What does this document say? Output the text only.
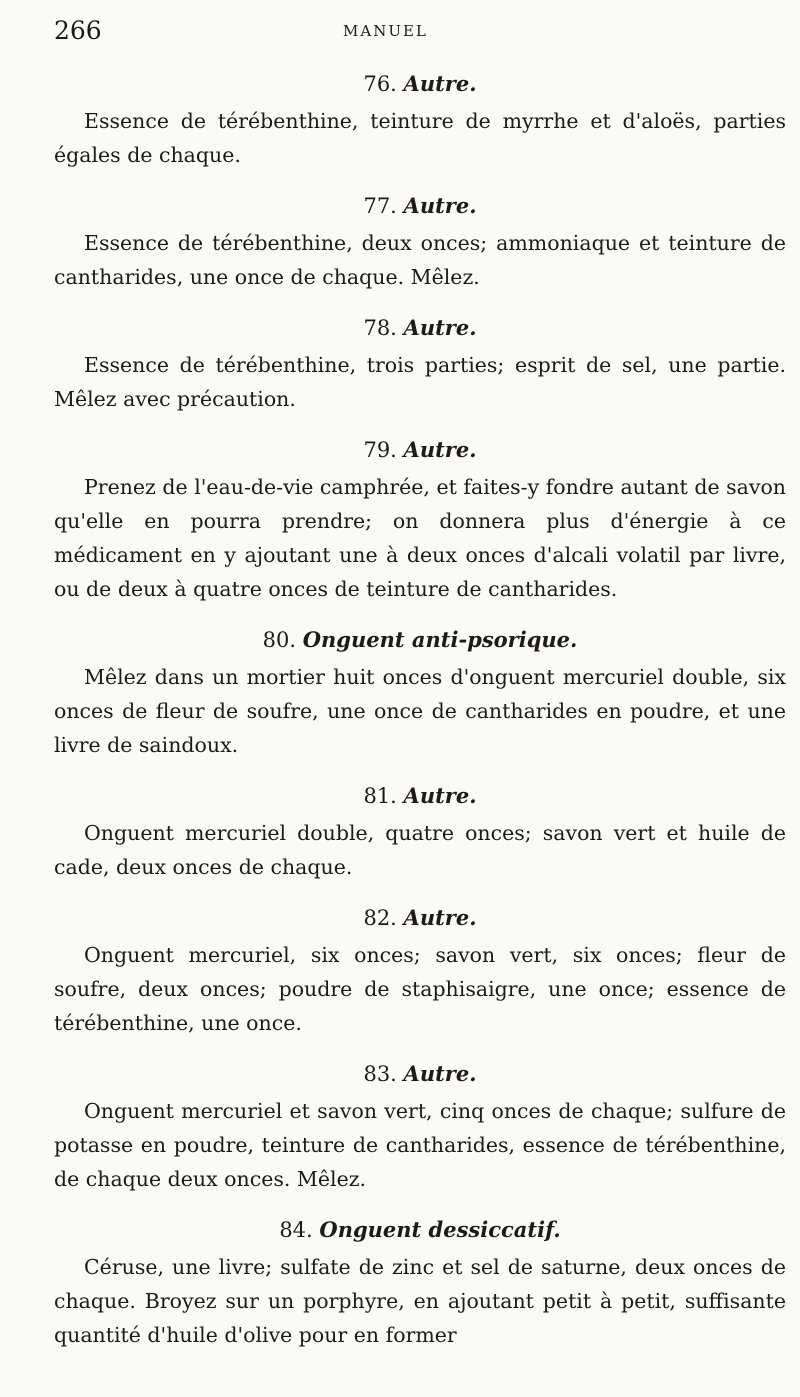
266	MANUEL
76. Autre.

Essence de térébenthine, teinture de myrrhe et d'aloës, parties égales de chaque.

77. Autre.

Essence de térébenthine, deux onces; ammoniaque et teinture de cantharides, une once de chaque. Mêlez.

78. Autre.

Essence de térébenthine, trois parties; esprit de sel, une partie. Mêlez avec précaution.

79. Autre.

Prenez de l'eau-de-vie camphrée, et faites-y fondre autant de savon qu'elle en pourra prendre; on donnera plus d'énergie à ce médicament en y ajoutant une à deux onces d'alcali volatil par livre, ou de deux à quatre onces de teinture de cantharides.

80. Onguent anti-psorique.

Mêlez dans un mortier huit onces d'onguent mercuriel double, six onces de fleur de soufre, une once de cantharides en poudre, et une livre de saindoux.

81. Autre.

Onguent mercuriel double, quatre onces; savon vert et huile de cade, deux onces de chaque.

82. Autre.

Onguent mercuriel, six onces; savon vert, six onces; fleur de soufre, deux onces; poudre de staphisaigre, une once; essence de térébenthine, une once.

83. Autre.

Onguent mercuriel et savon vert, cinq onces de chaque; sulfure de potasse en poudre, teinture de cantharides, essence de térébenthine, de chaque deux onces. Mêlez.

84. Onguent dessiccatif.

Céruse, une livre; sulfate de zinc et sel de saturne, deux onces de chaque. Broyez sur un porphyre, en ajoutant petit à petit, suffisante quantité d'huile d'olive pour en former
